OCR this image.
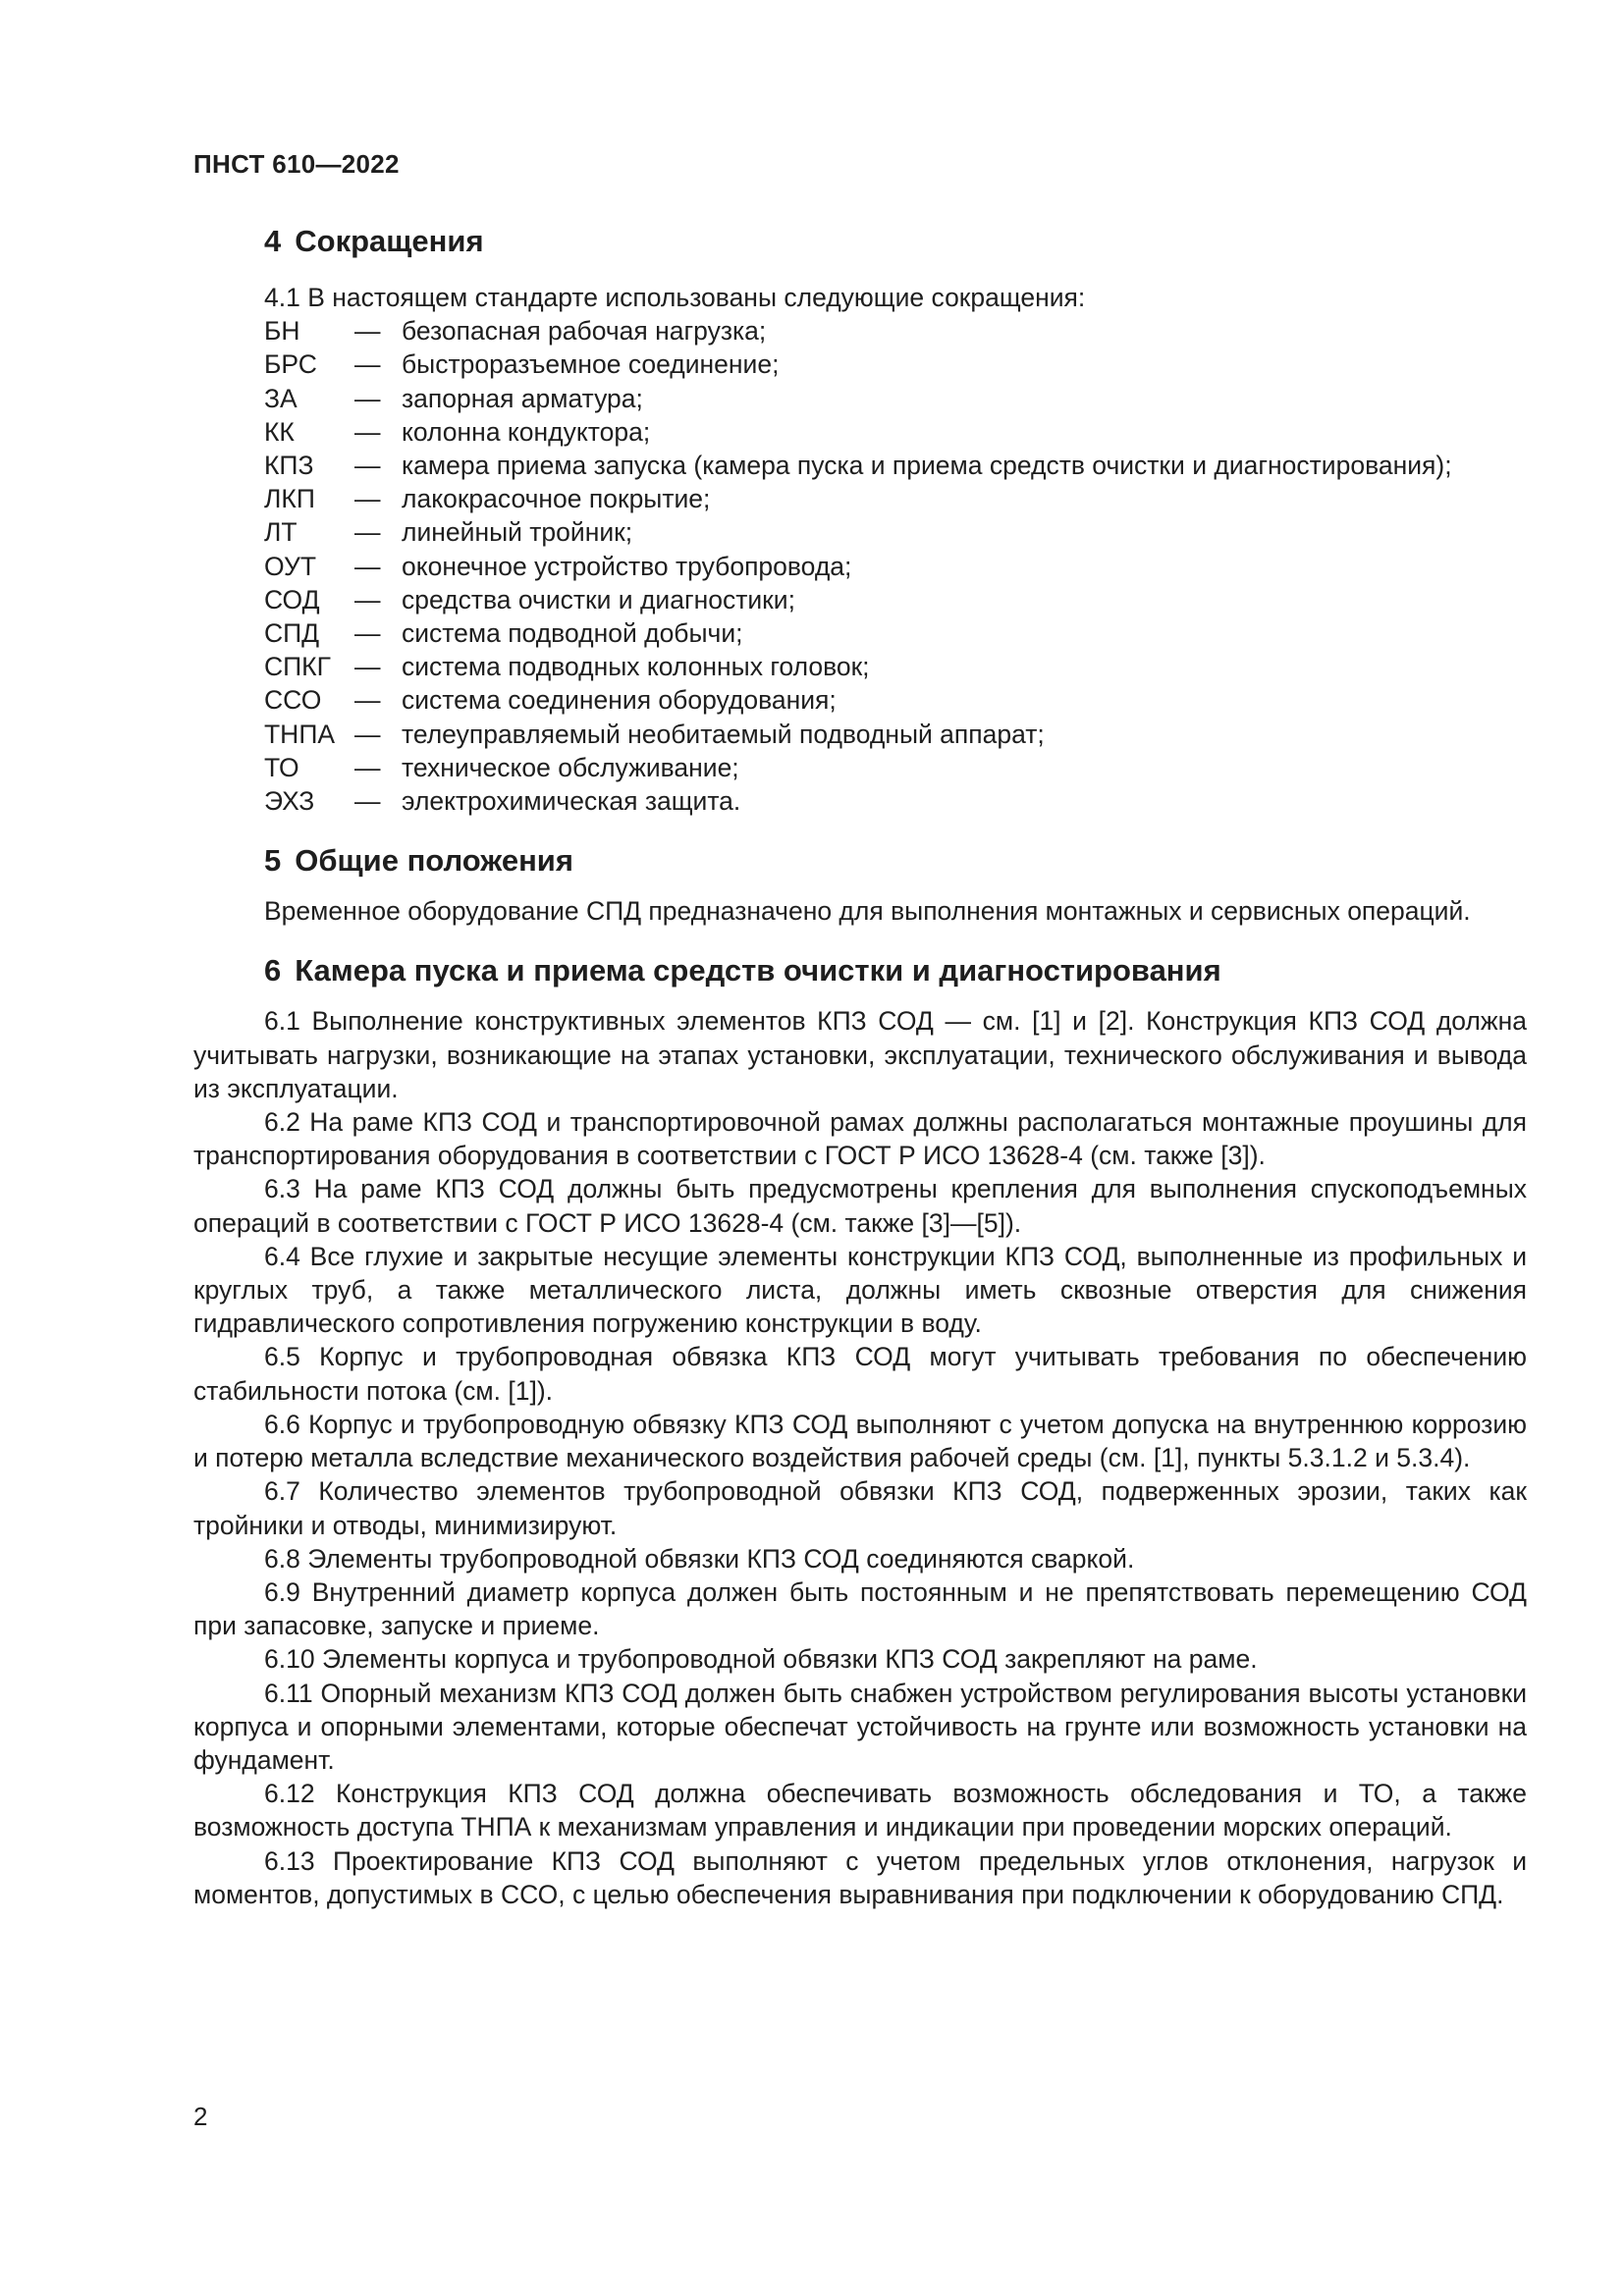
ПНСТ 610—2022
4 Сокращения

4.1 В настоящем стандарте использованы следующие сокращения:

БН	— безопасная рабочая нагрузка;
БРС	— быстроразъемное соединение;
ЗА	— запорная арматура;
КК	— колонна кондуктора;
КПЗ	— камера приема запуска (камера пуска и приема средств очистки и диагностирования);
ЛКП	— лакокрасочное покрытие;
ЛТ	— линейный тройник;
ОУТ	— оконечное устройство трубопровода;
СОД	— средства очистки и диагностики;
СПД	— система подводной добычи;
СПКГ — система подводных колонных головок;
ССО	— система соединения оборудования;
ТНПА — телеуправляемый необитаемый подводный аппарат;
ТО	— техническое обслуживание;
ЭХЗ	— электрохимическая защита.
5 Общие положения

Временное оборудование СПД предназначено для выполнения монтажных и сервисных операций.

6 Камера пуска и приема средств очистки и диагностирования

6.1 Выполнение конструктивных элементов КПЗ СОД — см. [1] и [2]. Конструкция КПЗ СОД должна учитывать нагрузки, возникающие на этапах установки, эксплуатации, технического обслуживания и вывода из эксплуатации.

6.2 На раме КПЗ СОД и транспортировочной рамах должны располагаться монтажные проушины для транспортирования оборудования в соответствии с ГОСТ Р ИСО 13628-4 (см. также [3]).

6.3 На раме КПЗ СОД должны быть предусмотрены крепления для выполнения спускоподъемных операций в соответствии с ГОСТ Р ИСО 13628-4 (см. также [3]—[5]).

6.4 Все глухие и закрытые несущие элементы конструкции КПЗ СОД, выполненные из профильных и круглых труб, а также металлического листа, должны иметь сквозные отверстия для снижения гидравлического сопротивления погружению конструкции в воду.

6.5 Корпус и трубопроводная обвязка КПЗ СОД могут учитывать требования по обеспечению стабильности потока (см. [1]).

6.6 Корпус и трубопроводную обвязку КПЗ СОД выполняют с учетом допуска на внутреннюю коррозию и потерю металла вследствие механического воздействия рабочей среды (см. [1], пункты 5.3.1.2 и 5.3.4).

6.7 Количество элементов трубопроводной обвязки КПЗ СОД, подверженных эрозии, таких как тройники и отводы, минимизируют.

6.8 Элементы трубопроводной обвязки КПЗ СОД соединяются сваркой.

6.9 Внутренний диаметр корпуса должен быть постоянным и не препятствовать перемещению СОД при запасовке, запуске и приеме.

6.10 Элементы корпуса и трубопроводной обвязки КПЗ СОД закрепляют на раме.

6.11 Опорный механизм КПЗ СОД должен быть снабжен устройством регулирования высоты установки корпуса и опорными элементами, которые обеспечат устойчивость на грунте или возможность установки на фундамент.

6.12 Конструкция КПЗ СОД должна обеспечивать возможность обследования и ТО, а также возможность доступа ТНПА к механизмам управления и индикации при проведении морских операций.

6.13 Проектирование КПЗ СОД выполняют с учетом предельных углов отклонения, нагрузок и моментов, допустимых в ССО, с целью обеспечения выравнивания при подключении к оборудованию СПД.

2
